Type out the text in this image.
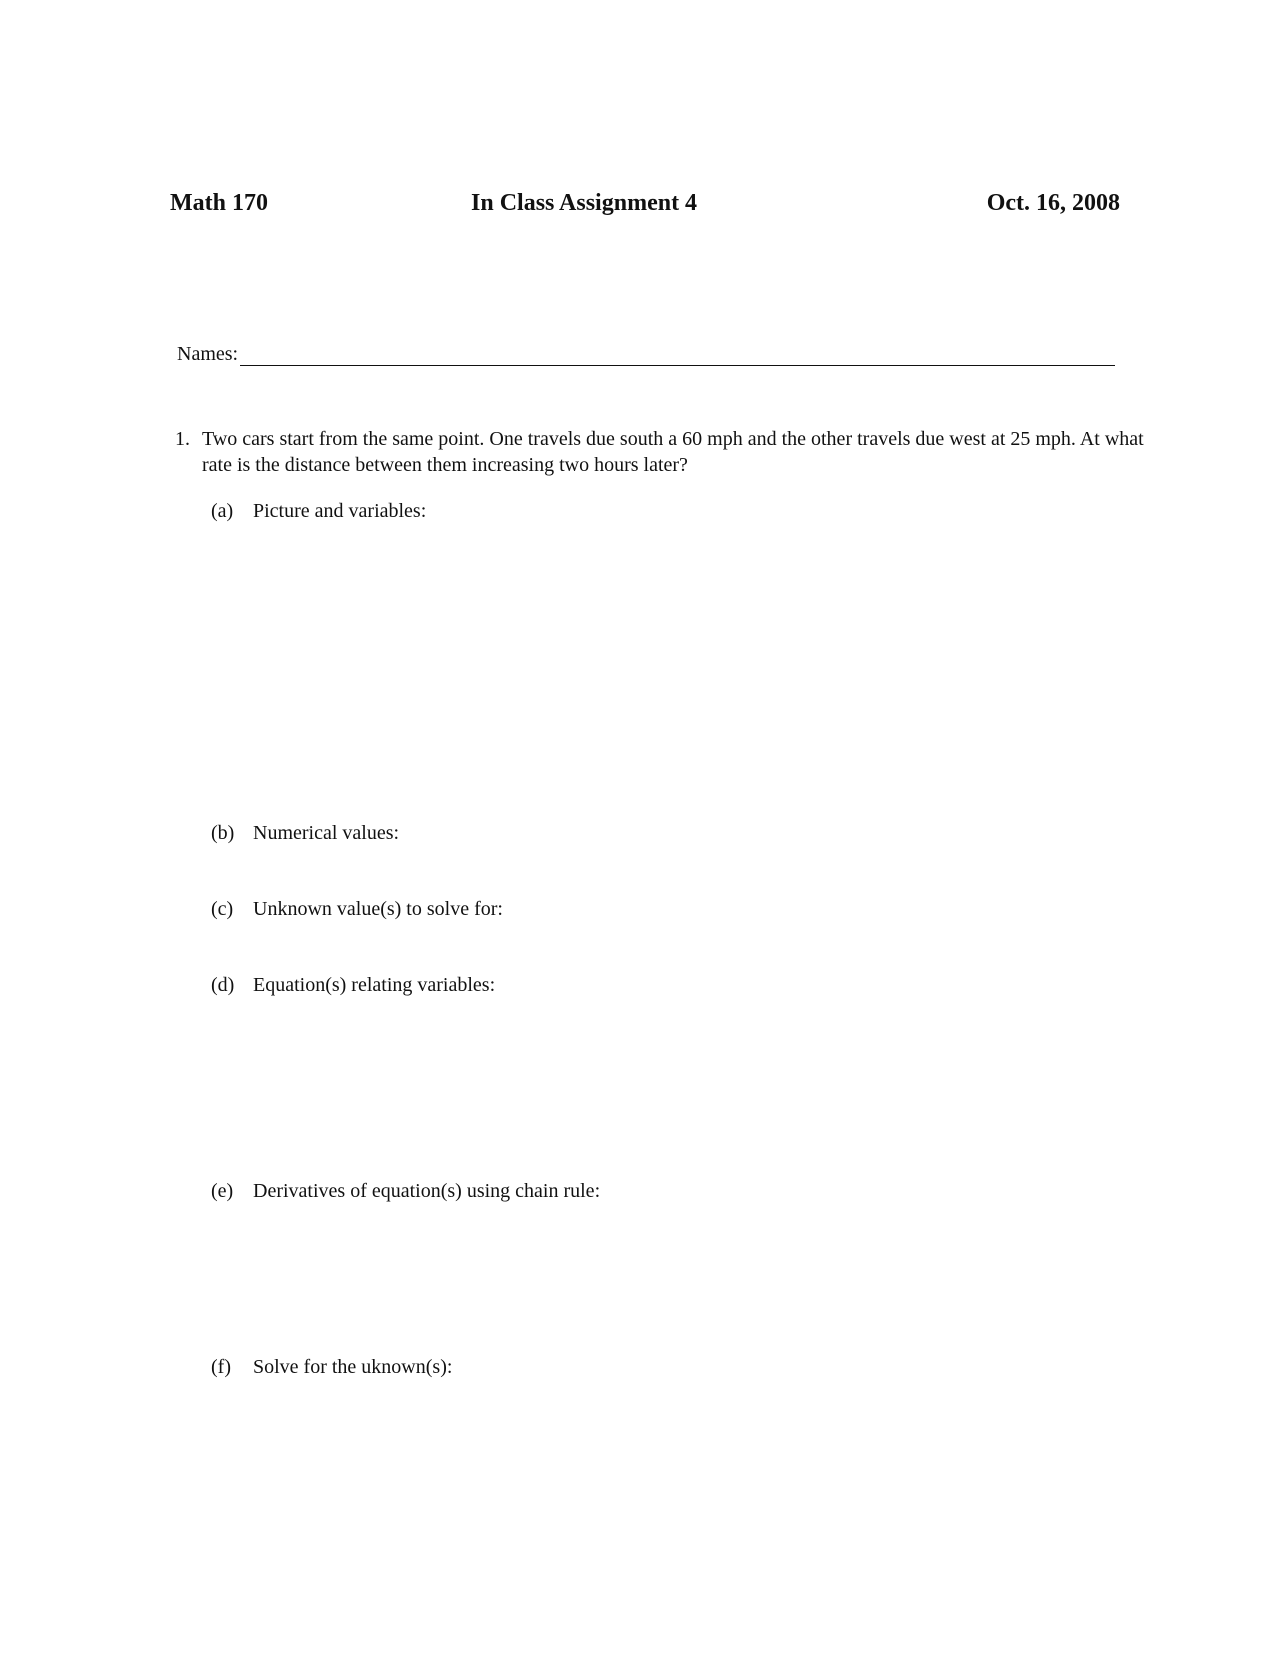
Math 170	In Class Assignment 4	Oct. 16, 2008
Names:
1. Two cars start from the same point. One travels due south a 60 mph and the other travels due west at 25 mph. At what rate is the distance between them increasing two hours later?
(a) Picture and variables:
(b) Numerical values:
(c) Unknown value(s) to solve for:
(d) Equation(s) relating variables:
(e) Derivatives of equation(s) using chain rule:
(f) Solve for the uknown(s):
